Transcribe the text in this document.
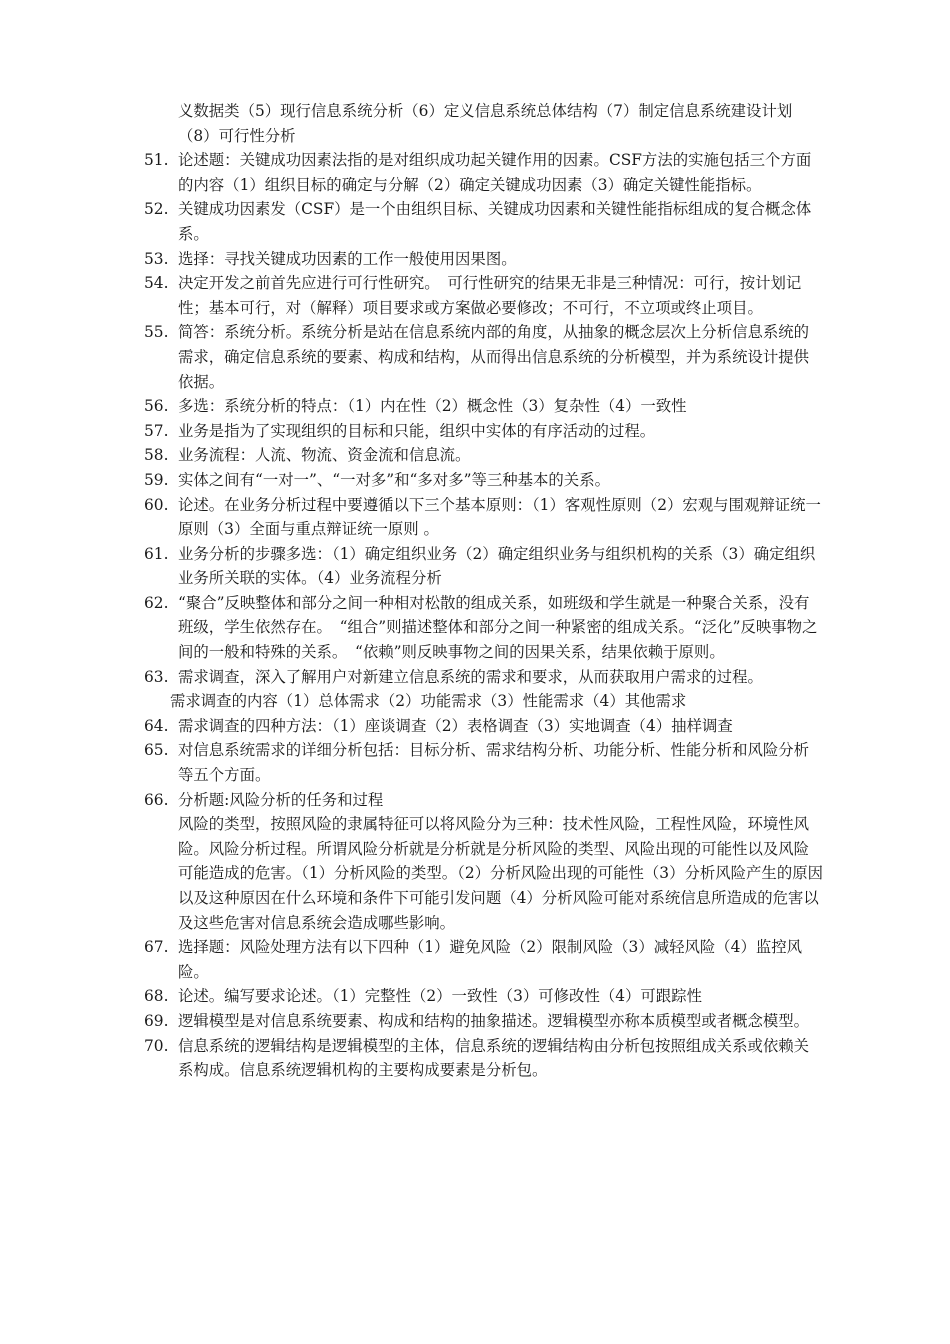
义数据类（5）现行信息系统分析（6）定义信息系统总体结构（7）制定信息系统建设计划（8）可行性分析
51. 论述题：关键成功因素法指的是对组织成功起关键作用的因素。CSF方法的实施包括三个方面的内容（1）组织目标的确定与分解（2）确定关键成功因素（3）确定关键性能指标。
52. 关键成功因素发（CSF）是一个由组织目标、关键成功因素和关键性能指标组成的复合概念体系。
53. 选择：寻找关键成功因素的工作一般使用因果图。
54. 决定开发之前首先应进行可行性研究。　可行性研究的结果无非是三种情况：可行，按计划记性；基本可行，对（解释）项目要求或方案做必要修改；不可行，不立项或终止项目。
55. 简答：系统分析。系统分析是站在信息系统内部的角度，从抽象的概念层次上分析信息系统的需求，确定信息系统的要素、构成和结构，从而得出信息系统的分析模型，并为系统设计提供依据。
56. 多选：系统分析的特点：（1）内在性（2）概念性（3）复杂性（4）一致性
57. 业务是指为了实现组织的目标和只能，组织中实体的有序活动的过程。
58. 业务流程：人流、物流、资金流和信息流。
59. 实体之间有“一对一”、“一对多”和“多对多”等三种基本的关系。
60. 论述。在业务分析过程中要遵循以下三个基本原则：（1）客观性原则（2）宏观与围观辩证统一原则（3）全面与重点辩证统一原则 。
61. 业务分析的步骤多选：（1）确定组织业务（2）确定组织业务与组织机构的关系（3）确定组织业务所关联的实体。（4）业务流程分析
62. “聚合”反映整体和部分之间一种相对松散的组成关系，如班级和学生就是一种聚合关系，没有班级，学生依然存在。　“组合”则描述整体和部分之间一种紧密的组成关系。“泛化”反映事物之间的一般和特殊的关系。　“依赖”则反映事物之间的因果关系，结果依赖于原则。
63. 需求调查，深入了解用户对新建立信息系统的需求和要求，从而获取用户需求的过程。
需求调查的内容（1）总体需求（2）功能需求（3）性能需求（4）其他需求
64. 需求调查的四种方法：（1）座谈调查（2）表格调查（3）实地调查（4）抽样调查
65. 对信息系统需求的详细分析包括：目标分析、需求结构分析、功能分析、性能分析和风险分析等五个方面。
66. 分析题:风险分析的任务和过程
风险的类型，按照风险的隶属特征可以将风险分为三种：技术性风险，工程性风险，环境性风险。风险分析过程。所谓风险分析就是分析就是分析风险的类型、风险出现的可能性以及风险可能造成的危害。（1）分析风险的类型。（2）分析风险出现的可能性（3）分析风险产生的原因以及这种原因在什么环境和条件下可能引发问题（4）分析风险可能对系统信息所造成的危害以及这些危害对信息系统会造成哪些影响。
67. 选择题：风险处理方法有以下四种（1）避免风险（2）限制风险（3）减轻风险（4）监控风险。
68. 论述。编写要求论述。（1）完整性（2）一致性（3）可修改性（4）可跟踪性
69. 逻辑模型是对信息系统要素、构成和结构的抽象描述。逻辑模型亦称本质模型或者概念模型。
70. 信息系统的逻辑结构是逻辑模型的主体，信息系统的逻辑结构由分析包按照组成关系或依赖关系构成。信息系统逻辑机构的主要构成要素是分析包。
